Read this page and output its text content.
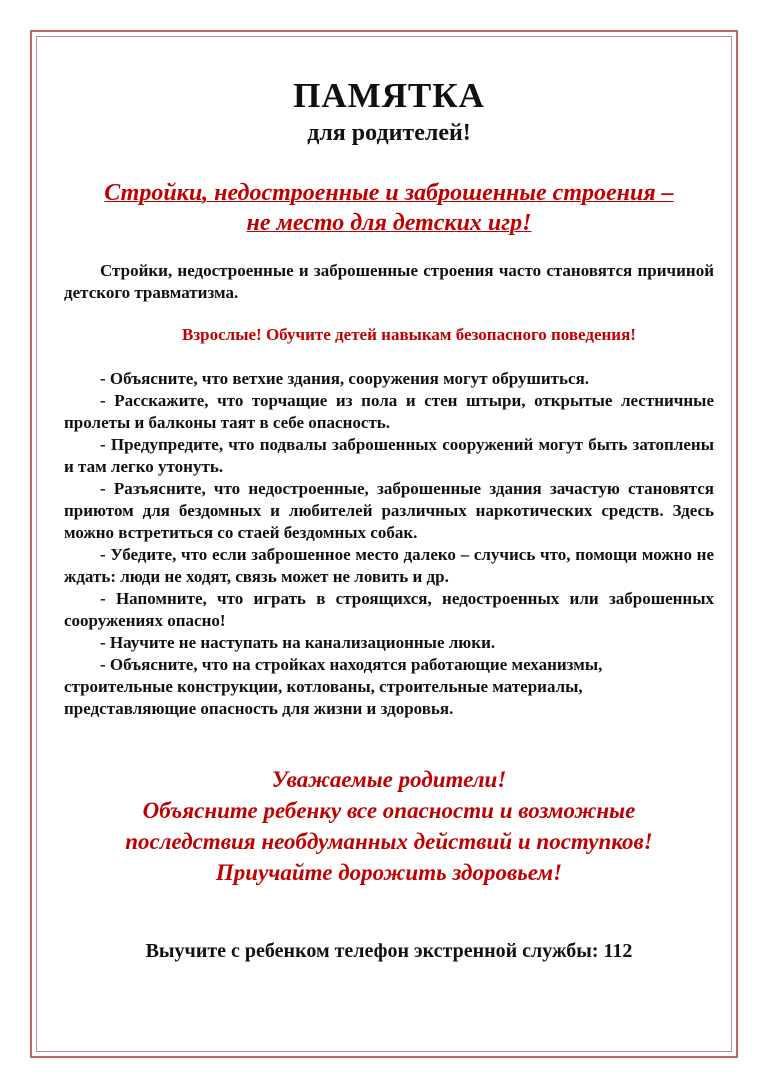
ПАМЯТКА
для родителей!
Стройки, недостроенные и заброшенные строения –
не место для детских игр!

Стройки, недостроенные и заброшенные строения часто становятся причиной детского травматизма.

Взрослые! Обучите детей навыкам безопасного поведения!

- Объясните, что ветхие здания, сооружения могут обрушиться.

- Расскажите, что торчащие из пола и стен штыри, открытые лестничные пролеты и балконы таят в себе опасность.

- Предупредите, что подвалы заброшенных сооружений могут быть затоплены и там легко утонуть.

- Разъясните, что недостроенные, заброшенные здания зачастую становятся приютом для бездомных и любителей различных наркотических средств. Здесь можно встретиться со стаей бездомных собак.

- Убедите, что если заброшенное место далеко – случись что, помощи можно не ждать: люди не ходят, связь может не ловить и др.

- Напомните, что играть в строящихся, недостроенных или заброшенных сооружениях опасно!

- Научите не наступать на канализационные люки.

- Объясните, что на стройках находятся работающие механизмы, строительные конструкции, котлованы, строительные материалы, представляющие опасность для жизни и здоровья.

Уважаемые родители!
Объясните ребенку все опасности и возможные
последствия необдуманных действий и поступков!
Приучайте дорожить здоровьем!
Выучите с ребенком телефон экстренной службы: 112
